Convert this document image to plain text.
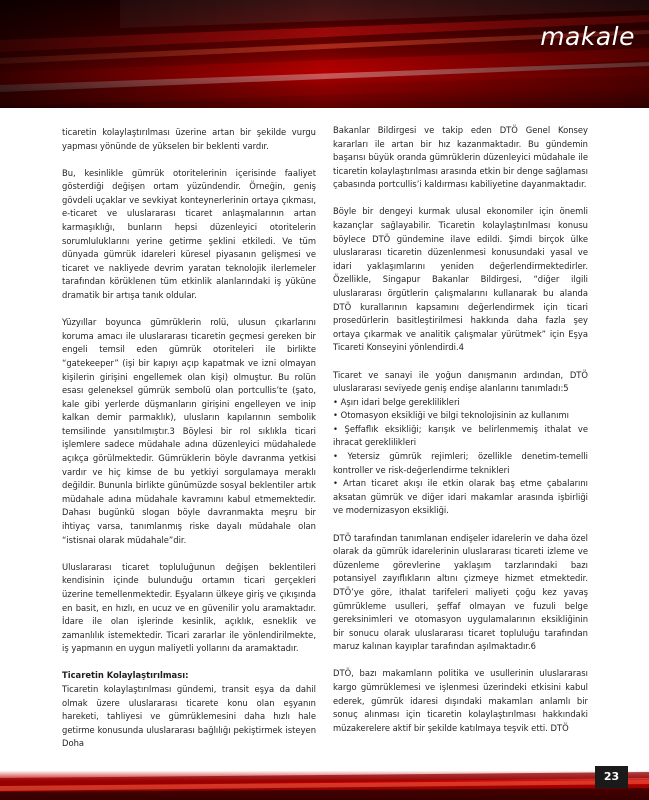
makale

ticaretin kolaylaştırılması üzerine artan bir şekilde vurgu yapması yönünde de yükselen bir beklenti vardır.

Bu, kesinlikle gümrük otoritelerinin içerisinde faaliyet gösterdiği değişen ortam yüzündendir. Örneğin, geniş gövdeli uçaklar ve sevkiyat konteynerlerinin ortaya çıkması, e-ticaret ve uluslararası ticaret anlaşmalarının artan karmaşıklığı, bunların hepsi düzenleyici otoritelerin sorumluluklarını yerine getirme şeklini etkiledi. Ve tüm dünyada gümrük idareleri küresel piyasanın gelişmesi ve ticaret ve nakliyede devrim yaratan teknolojik ilerlemeler tarafından körüklenen tüm etkinlik alanlarındaki iş yüküne dramatik bir artışa tanık oldular.

Yüzyıllar boyunca gümrüklerin rolü, ulusun çıkarlarını koruma amacı ile uluslararası ticaretin geçmesi gereken bir engeli temsil eden gümrük otoriteleri ile birlikte “gatekeeper” (işi bir kapıyı açıp kapatmak ve izni olmayan kişilerin girişini engellemek olan kişi) olmuştur. Bu rolün esası geleneksel gümrük sembolü olan portcullis’te (şato, kale gibi yerlerde düşmanların girişini engelleyen ve inip kalkan demir parmaklık), ulusların kapılarının sembolik temsilinde yansıtılmıştır.3 Böylesi bir rol sıklıkla ticari işlemlere sadece müdahale adına düzenleyici müdahalede açıkça görülmektedir. Gümrüklerin böyle davranma yetkisi vardır ve hiç kimse de bu yetkiyi sorgulamaya meraklı değildir. Bununla birlikte günümüzde sosyal beklentiler artık müdahale adına müdahale kavramını kabul etmemektedir. Dahası bugünkü slogan böyle davranmakta meşru bir ihtiyaç varsa, tanımlanmış riske dayalı müdahale olan “istisnai olarak müdahale”dir.

Uluslararası ticaret topluluğunun değişen beklentileri kendisinin içinde bulunduğu ortamın ticari gerçekleri üzerine temellenmektedir. Eşyaların ülkeye giriş ve çıkışında en basit, en hızlı, en ucuz ve en güvenilir yolu aramaktadır. İdare ile olan işlerinde kesinlik, açıklık, esneklik ve zamanlılık istemektedir. Ticari zararlar ile yönlendirilmekte, iş yapmanın en uygun maliyetli yollarını da aramaktadır.

Ticaretin Kolaylaştırılması:

Ticaretin kolaylaştırılması gündemi, transit eşya da dahil olmak üzere uluslararası ticarete konu olan eşyanın hareketi, tahliyesi ve gümrüklemesini daha hızlı hale getirme konusunda uluslararası bağlılığı pekiştirmek isteyen Doha

Bakanlar Bildirgesi ve takip eden DTÖ Genel Konsey kararları ile artan bir hız kazanmaktadır. Bu gündemin başarısı büyük oranda gümrüklerin düzenleyici müdahale ile ticaretin kolaylaştırılması arasında etkin bir denge sağlaması çabasında portcullis’i kaldırması kabiliyetine dayanmaktadır.

Böyle bir dengeyi kurmak ulusal ekonomiler için önemli kazançlar sağlayabilir. Ticaretin kolaylaştırılması konusu böylece DTÖ gündemine ilave edildi. Şimdi birçok ülke uluslararası ticaretin düzenlenmesi konusundaki yasal ve idari yaklaşımlarını yeniden değerlendirmektedirler. Özellikle, Singapur Bakanlar Bildirgesi, “diğer ilgili uluslararası örgütlerin çalışmalarını kullanarak bu alanda DTÖ kurallarının kapsamını değerlendirmek için ticari prosedürlerin basitleştirilmesi hakkında daha fazla şey ortaya çıkarmak ve analitik çalışmalar yürütmek” için Eşya Ticareti Konseyini yönlendirdi.4

Ticaret ve sanayi ile yoğun danışmanın ardından, DTÖ uluslararası seviyede geniş endişe alanlarını tanımladı:5

• Aşırı idari belge gereklilikleri
• Otomasyon eksikliği ve bilgi teknolojisinin az kullanımı
• Şeffaflık eksikliği; karışık ve belirlenmemiş ithalat ve ihracat gereklilikleri
• Yetersiz gümrük rejimleri; özellikle denetim-temelli kontroller ve risk-değerlendirme teknikleri
• Artan ticaret akışı ile etkin olarak baş etme çabalarını aksatan gümrük ve diğer idari makamlar arasında işbirliği ve modernizasyon eksikliği.

DTÖ tarafından tanımlanan endişeler idarelerin ve daha özel olarak da gümrük idarelerinin uluslararası ticareti izleme ve düzenleme görevlerine yaklaşım tarzlarındaki bazı potansiyel zayıflıkların altını çizmeye hizmet etmektedir. DTÖ’ye göre, ithalat tarifeleri maliyeti çoğu kez yavaş gümrükleme usulleri, şeffaf olmayan ve fuzuli belge gereksinimleri ve otomasyon uygulamalarının eksikliğinin bir sonucu olarak uluslararası ticaret topluluğu tarafından maruz kalınan kayıplar tarafından aşılmaktadır.6

DTÖ, bazı makamların politika ve usullerinin uluslararası kargo gümrüklemesi ve işlenmesi üzerindeki etkisini kabul ederek, gümrük idaresi dışındaki makamları anlamlı bir sonuç alınması için ticaretin kolaylaştırılması hakkındaki müzakerelere aktif bir şekilde katılmaya teşvik etti. DTÖ

23
